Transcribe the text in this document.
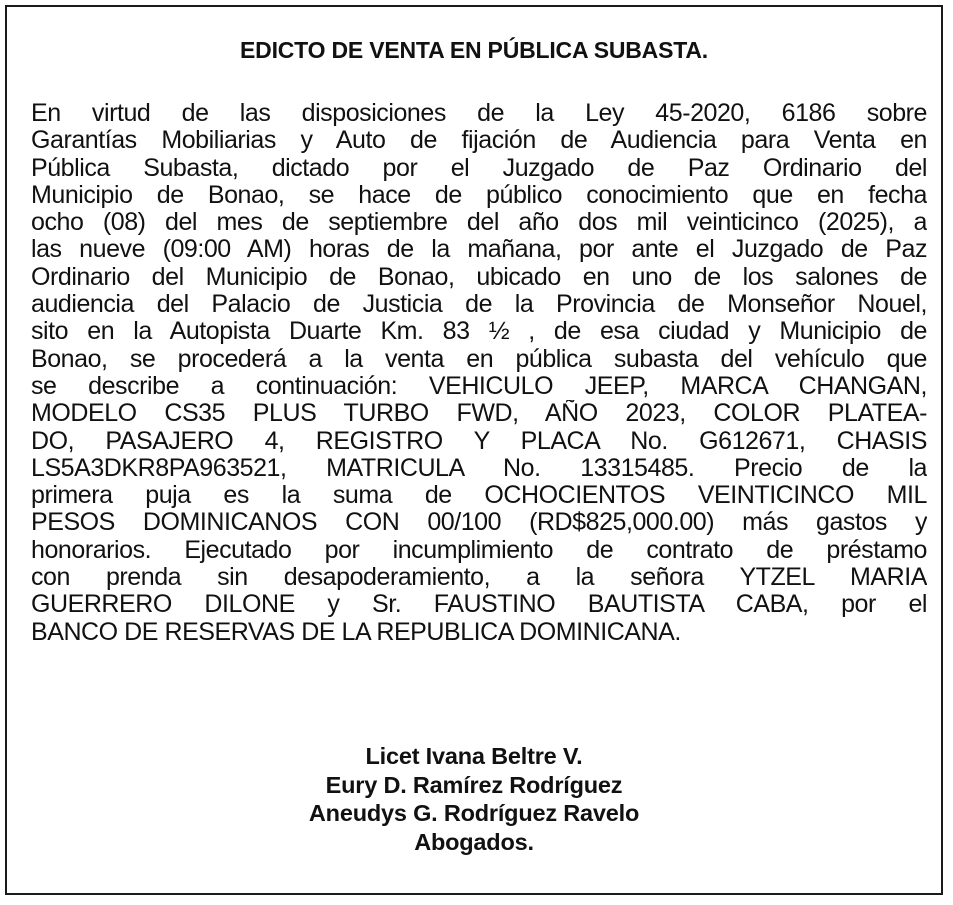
EDICTO DE VENTA EN PÚBLICA SUBASTA.
En virtud de las disposiciones de la Ley 45-2020, 6186 sobre
Garantías Mobiliarias y Auto de fijación de Audiencia para Venta en
Pública Subasta, dictado por el Juzgado de Paz Ordinario del
Municipio de Bonao, se hace de público conocimiento que en fecha
ocho (08) del mes de septiembre del año dos mil veinticinco (2025), a
las nueve (09:00 AM) horas de la mañana, por ante el Juzgado de Paz
Ordinario del Municipio de Bonao, ubicado en uno de los salones de
audiencia del Palacio de Justicia de la Provincia de Monseñor Nouel,
sito en la Autopista Duarte Km. 83 ½ , de esa ciudad y Municipio de
Bonao, se procederá a la venta en pública subasta del vehículo que
se describe a continuación: VEHICULO JEEP, MARCA CHANGAN,
MODELO CS35 PLUS TURBO FWD, AÑO 2023, COLOR PLATEA-
DO, PASAJERO 4, REGISTRO Y PLACA No. G612671, CHASIS
LS5A3DKR8PA963521, MATRICULA No. 13315485. Precio de la
primera puja es la suma de OCHOCIENTOS VEINTICINCO MIL
PESOS DOMINICANOS CON 00/100 (RD$825,000.00) más gastos y
honorarios. Ejecutado por incumplimiento de contrato de préstamo
con prenda sin desapoderamiento, a la señora YTZEL MARIA
GUERRERO DILONE y Sr. FAUSTINO BAUTISTA CABA, por el
BANCO DE RESERVAS DE LA REPUBLICA DOMINICANA.
Licet Ivana Beltre V.
Eury D. Ramírez Rodríguez
Aneudys G. Rodríguez Ravelo
Abogados.
